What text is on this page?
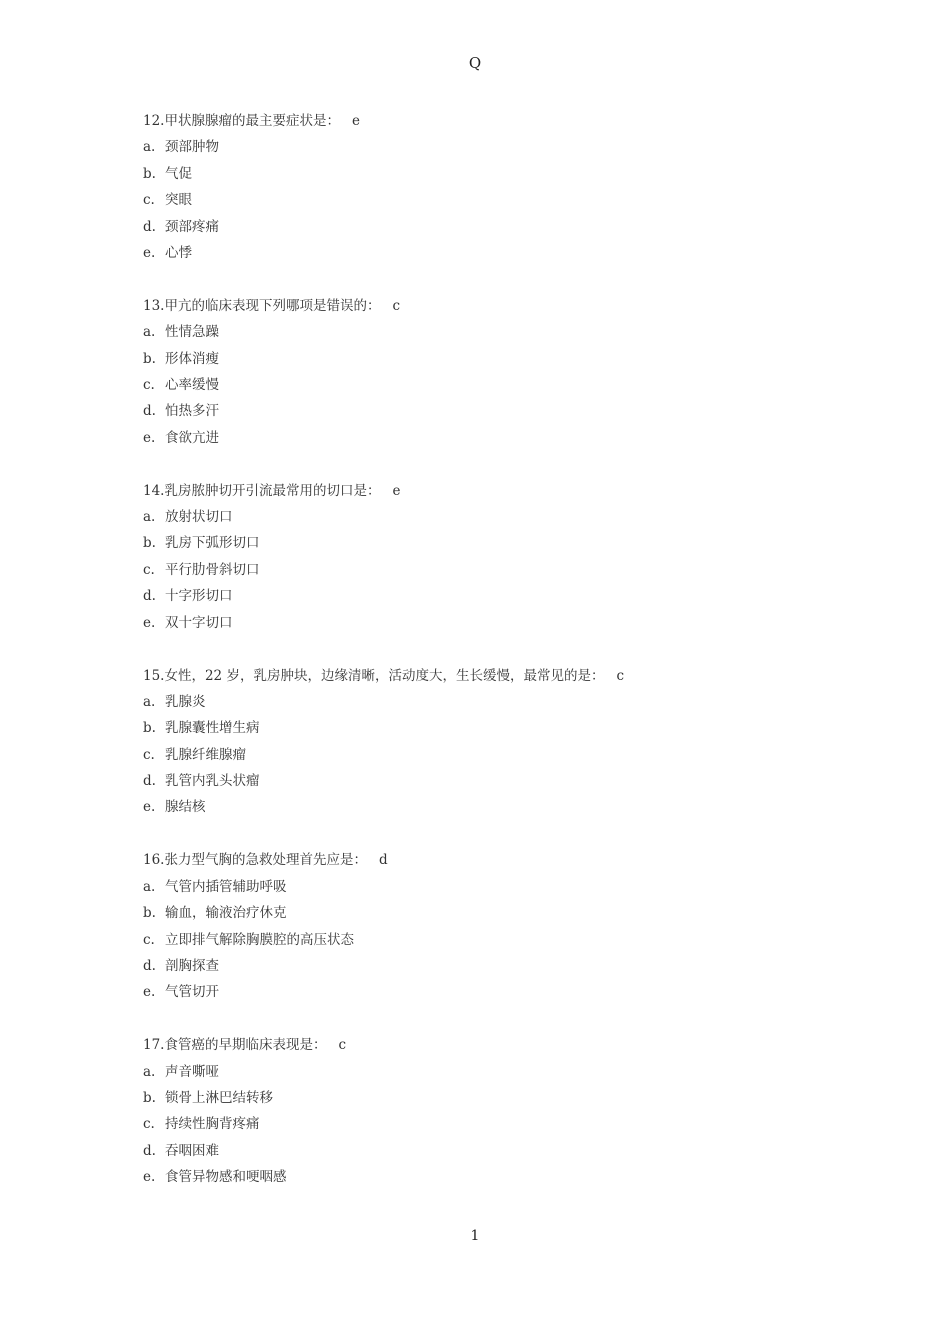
Q
12.甲状腺腺瘤的最主要症状是： e
a. 颈部肿物
b. 气促
c. 突眼
d. 颈部疼痛
e. 心悸
13.甲亢的临床表现下列哪项是错误的： c
a. 性情急躁
b. 形体消瘦
c. 心率缓慢
d. 怕热多汗
e. 食欲亢进
14.乳房脓肿切开引流最常用的切口是： e
a. 放射状切口
b. 乳房下弧形切口
c. 平行肋骨斜切口
d. 十字形切口
e. 双十字切口
15.女性，22 岁，乳房肿块，边缘清晰，活动度大，生长缓慢，最常见的是： c
a. 乳腺炎
b. 乳腺囊性增生病
c. 乳腺纤维腺瘤
d. 乳管内乳头状瘤
e. 腺结核
16.张力型气胸的急救处理首先应是： d
a. 气管内插管辅助呼吸
b. 输血，输液治疗休克
c. 立即排气解除胸膜腔的高压状态
d. 剖胸探查
e. 气管切开
17.食管癌的早期临床表现是： c
a. 声音嘶哑
b. 锁骨上淋巴结转移
c. 持续性胸背疼痛
d. 吞咽困难
e. 食管异物感和哽咽感
1
